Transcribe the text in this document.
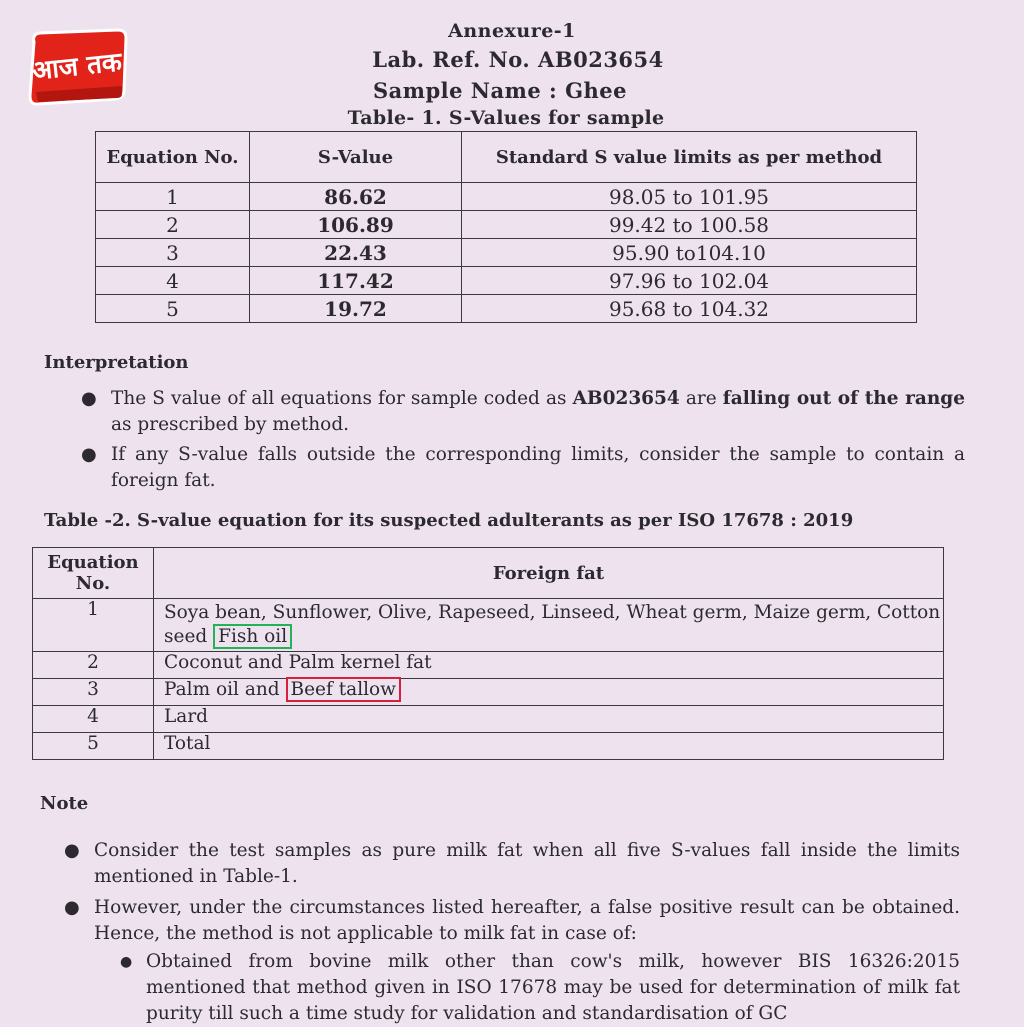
आज तक
Annexure-1
Lab. Ref. No. AB023654
Sample Name : Ghee
Table- 1. S-Values for sample
Equation No.	S-Value	Standard S value limits as per method
1	86.62	98.05 to 101.95
2	106.89	99.42 to 100.58
3	22.43	95.90 to104.10
4	117.42	97.96 to 102.04
5	19.72	95.68 to 104.32
Interpretation
● The S value of all equations for sample coded as AB023654 are falling out of the range as prescribed by method.

● If any S-value falls outside the corresponding limits, consider the sample to contain a foreign fat.

Table -2. S-value equation for its suspected adulterants as per ISO 17678 : 2019
Equation No.	Foreign fat
1	Soya bean, Sunflower, Olive, Rapeseed, Linseed, Wheat germ, Maize germ, Cotton seed Fish oil
2	Coconut and Palm kernel fat
3	Palm oil and Beef tallow
4	Lard
5	Total
Note
● Consider the test samples as pure milk fat when all five S-values fall inside the limits mentioned in Table-1.

● However, under the circumstances listed hereafter, a false positive result can be obtained. Hence, the method is not applicable to milk fat in case of:

● Obtained from bovine milk other than cow's milk, however BIS 16326:2015 mentioned that method given in ISO 17678 may be used for determination of milk fat purity till such a time study for validation and standardisation of GC
